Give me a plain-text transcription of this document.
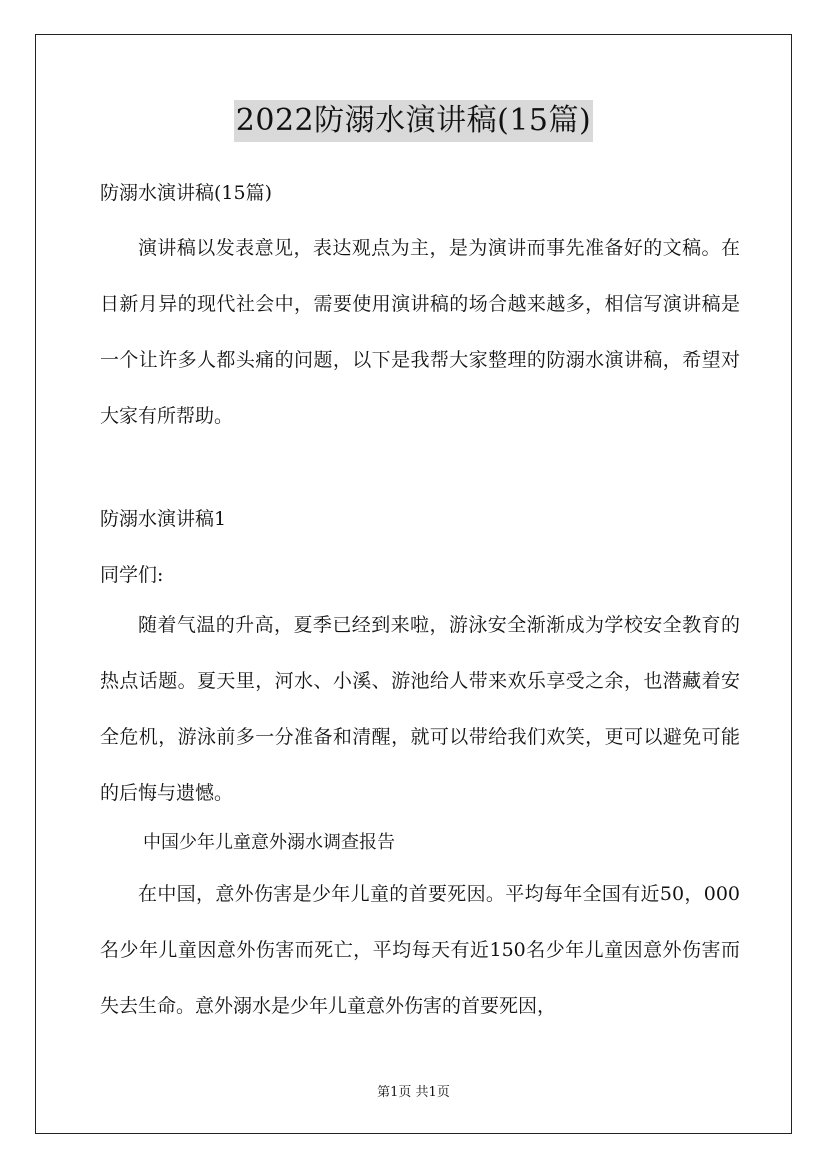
2022防溺水演讲稿(15篇)
防溺水演讲稿(15篇)
演讲稿以发表意见，表达观点为主，是为演讲而事先准备好的文稿。在日新月异的现代社会中，需要使用演讲稿的场合越来越多，相信写演讲稿是一个让许多人都头痛的问题，以下是我帮大家整理的防溺水演讲稿，希望对大家有所帮助。
防溺水演讲稿1
同学们:
随着气温的升高，夏季已经到来啦，游泳安全渐渐成为学校安全教育的热点话题。夏天里，河水、小溪、游池给人带来欢乐享受之余，也潜藏着安全危机，游泳前多一分准备和清醒，就可以带给我们欢笑，更可以避免可能的后悔与遗憾。
中国少年儿童意外溺水调查报告
在中国，意外伤害是少年儿童的首要死因。平均每年全国有近50，000名少年儿童因意外伤害而死亡，平均每天有近150名少年儿童因意外伤害而失去生命。意外溺水是少年儿童意外伤害的首要死因，
第1页 共1页
